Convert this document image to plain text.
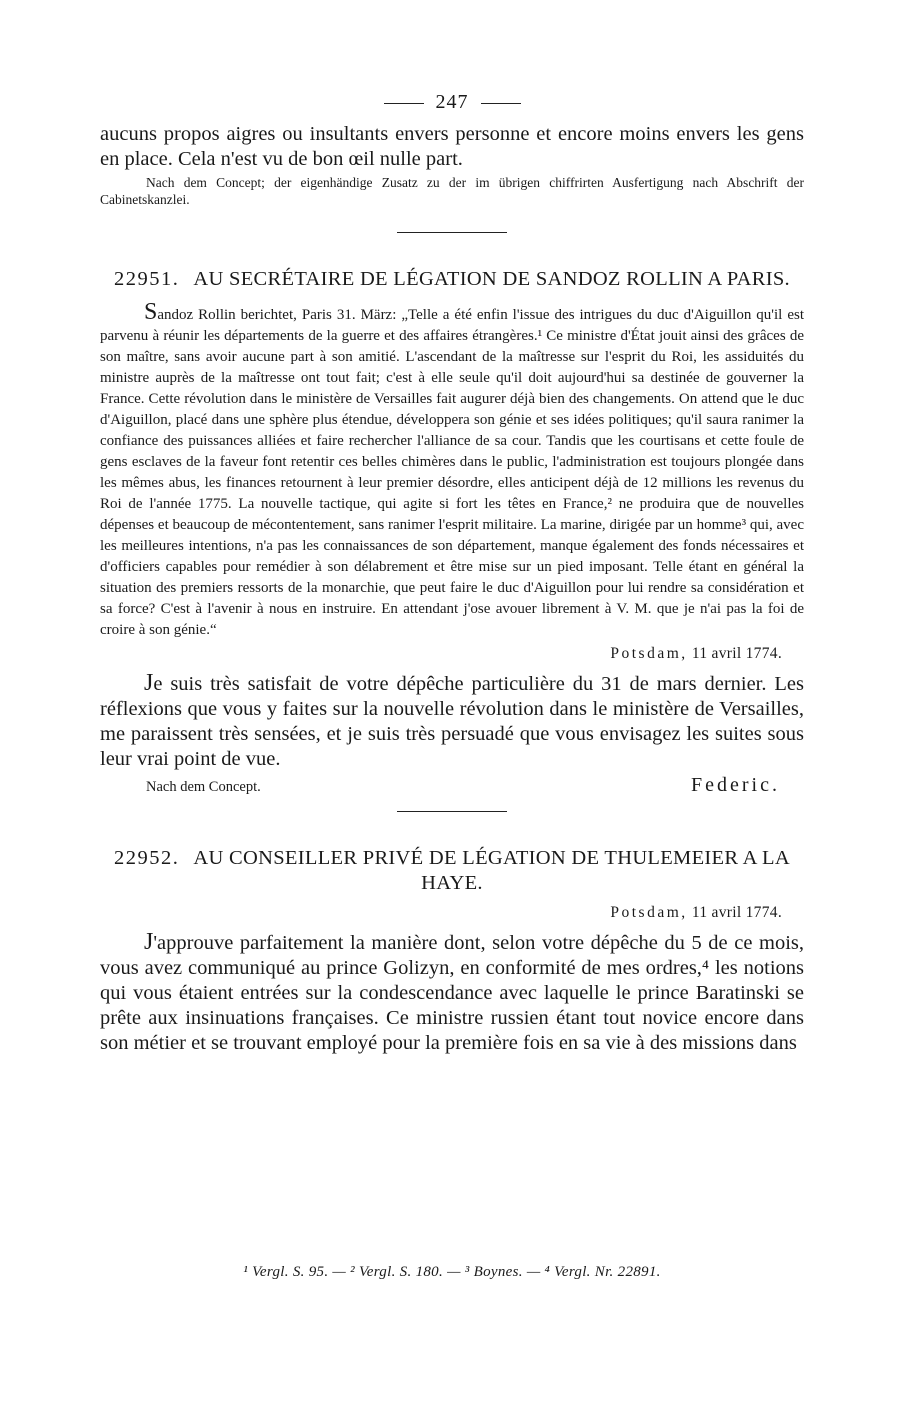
247

aucuns propos aigres ou insultants envers personne et encore moins envers les gens en place. Cela n'est vu de bon œil nulle part.

Nach dem Concept; der eigenhändige Zusatz zu der im übrigen chiffrirten Ausfertigung nach Abschrift der Cabinetskanzlei.

22951. AU SECRÉTAIRE DE LÉGATION DE SANDOZ ROLLIN A PARIS.

Sandoz Rollin berichtet, Paris 31. März: „Telle a été enfin l'issue des intrigues du duc d'Aiguillon qu'il est parvenu à réunir les départements de la guerre et des affaires étrangères.¹ Ce ministre d'État jouit ainsi des grâces de son maître, sans avoir aucune part à son amitié. L'ascendant de la maîtresse sur l'esprit du Roi, les assiduités du ministre auprès de la maîtresse ont tout fait; c'est à elle seule qu'il doit aujourd'hui sa destinée de gouverner la France. Cette révolution dans le ministère de Versailles fait augurer déjà bien des changements. On attend que le duc d'Aiguillon, placé dans une sphère plus étendue, développera son génie et ses idées politiques; qu'il saura ranimer la confiance des puissances alliées et faire rechercher l'alliance de sa cour. Tandis que les courtisans et cette foule de gens esclaves de la faveur font retentir ces belles chimères dans le public, l'administration est toujours plongée dans les mêmes abus, les finances retournent à leur premier désordre, elles anticipent déjà de 12 millions les revenus du Roi de l'année 1775. La nouvelle tactique, qui agite si fort les têtes en France,² ne produira que de nouvelles dépenses et beaucoup de mécontentement, sans ranimer l'esprit militaire. La marine, dirigée par un homme³ qui, avec les meilleures intentions, n'a pas les connaissances de son département, manque également des fonds nécessaires et d'officiers capables pour remédier à son délabrement et être mise sur un pied imposant. Telle étant en général la situation des premiers ressorts de la monarchie, que peut faire le duc d'Aiguillon pour lui rendre sa considération et sa force? C'est à l'avenir à nous en instruire. En attendant j'ose avouer librement à V. M. que je n'ai pas la foi de croire à son génie.“

Potsdam, 11 avril 1774.

Je suis très satisfait de votre dépêche particulière du 31 de mars dernier. Les réflexions que vous y faites sur la nouvelle révolution dans le ministère de Versailles, me paraissent très sensées, et je suis très persuadé que vous envisagez les suites sous leur vrai point de vue.

Nach dem Concept.	Federic.
22952. AU CONSEILLER PRIVÉ DE LÉGATION DE THULEMEIER A LA HAYE.
Potsdam, 11 avril 1774.

J'approuve parfaitement la manière dont, selon votre dépêche du 5 de ce mois, vous avez communiqué au prince Golizyn, en conformité de mes ordres,⁴ les notions qui vous étaient entrées sur la condescendance avec laquelle le prince Baratinski se prête aux insinuations françaises. Ce ministre russien étant tout novice encore dans son métier et se trouvant employé pour la première fois en sa vie à des missions dans

¹ Vergl. S. 95. — ² Vergl. S. 180. — ³ Boynes. — ⁴ Vergl. Nr. 22891.
